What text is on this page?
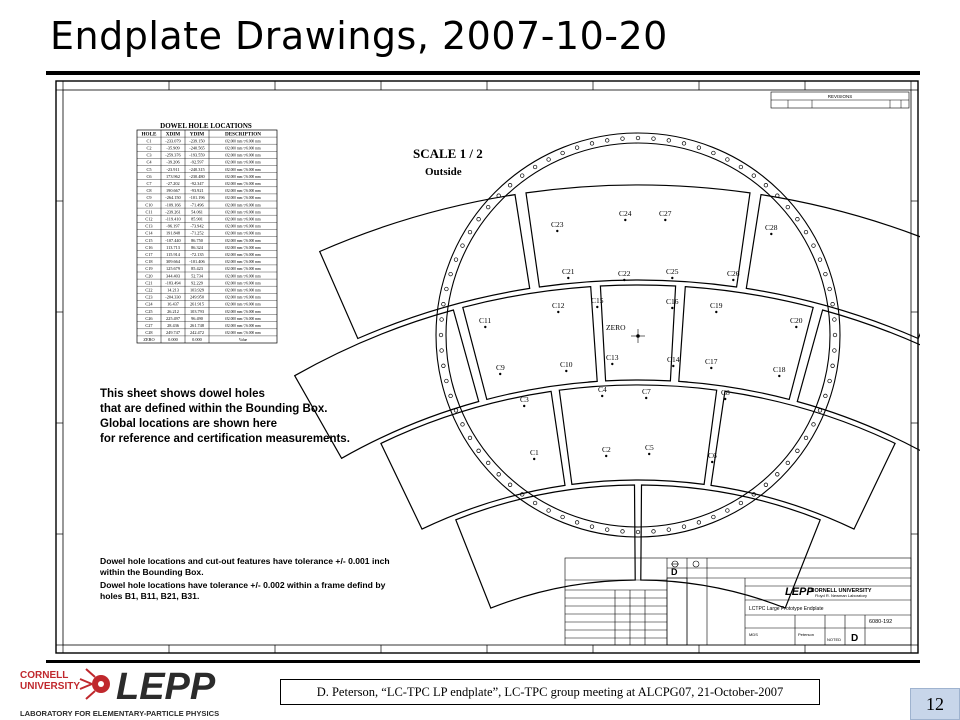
Endplate Drawings, 2007-10-20
REVISIONS
DOWEL HOLE LOCATIONS
HOLE XDIM YDIM	DESCRIPTION
C1	-233.079 -239.150	Ø2.000 mm ▽6.000 mm
C2	-35.909 -240.565	Ø2.000 mm ▽6.000 mm
C3	-259.376 -193.559	Ø2.000 mm ▽6.000 mm
C4	-39.206	-92.597	Ø2.000 mm ▽6.000 mm
C5	-23.911 -240.315	Ø2.000 mm ▽6.000 mm
C6	173.962 -230.480	Ø2.000 mm ▽6.000 mm
C7	-27.202	-92.347	Ø2.000 mm ▽6.000 mm
C8	190.667 -93.921	Ø2.000 mm ▽6.000 mm
C9	-264.150 -101.196	Ø2.000 mm ▽6.000 mm
C10	-109.166 -71.496	Ø2.000 mm ▽6.000 mm
C11	-239.261 54.061	Ø2.000 mm ▽6.000 mm
C12	-119.410 85.901	Ø2.000 mm ▽6.000 mm
C13	-96.197	-73.942	Ø2.000 mm ▽6.000 mm
C14	191.848 -71.252	Ø2.000 mm ▽6.000 mm
C15	-107.440 86.750	Ø2.000 mm ▽6.000 mm
C16	113.713	86.324	Ø2.000 mm ▽6.000 mm
C17	115.914 -72.135	Ø2.000 mm ▽6.000 mm
C18	309.664 -101.406	Ø2.000 mm ▽6.000 mm
C19	125.679	85.423	Ø2.000 mm ▽6.000 mm
C20	344.403	52.734	Ø2.000 mm ▽6.000 mm
C21	-183.494 92.229	Ø2.000 mm ▽6.000 mm
C22	14.213	103.929	Ø2.000 mm ▽6.000 mm
C23	-204.330 249.950	Ø2.000 mm ▽6.000 mm
C24	16.437	261.915	Ø2.000 mm ▽6.000 mm
C25	26.212	103.793	Ø2.000 mm ▽6.000 mm
C26	225.497	96.490	Ø2.000 mm ▽6.000 mm
C27	28.436	261.748	Ø2.000 mm ▽6.000 mm
C28	249.747 242.472	Ø2.000 mm ▽6.000 mm
ZERO	0.000	0.000	Value
SCALE 1 / 2
Outside
This sheet shows dowel holes
that are defined within the Bounding Box.
Global locations are shown here
for reference and certification measurements.
Dowel hole locations and cut-out features have tolerance +/- 0.001 inch
within the Bounding Box.
Dowel hole locations have tolerance +/- 0.002 within a frame defind by
holes B1, B11, B21, B31.
C1	C2
C3
C4
C5
C6
C7	C8
C9	C10
C11
C12
C13	C14
C15	C16
C17
C18
C19
C20
C21	C22
C23
C24
C25	C26
C27
C28
ZERO
CORNELL UNIVERSITY
Floyd R. Newman Laboratory
LEPP
LCTPC Large Prototype Endplate
6080-192
D
NOTED
MDS	Peterson
D
CORNELL
UNIVERSITY LEPP
LABORATORY FOR ELEMENTARY-PARTICLE PHYSICS
D. Peterson, “LC-TPC LP endplate”, LC-TPC group meeting at ALCPG07, 21-October-2007
12
